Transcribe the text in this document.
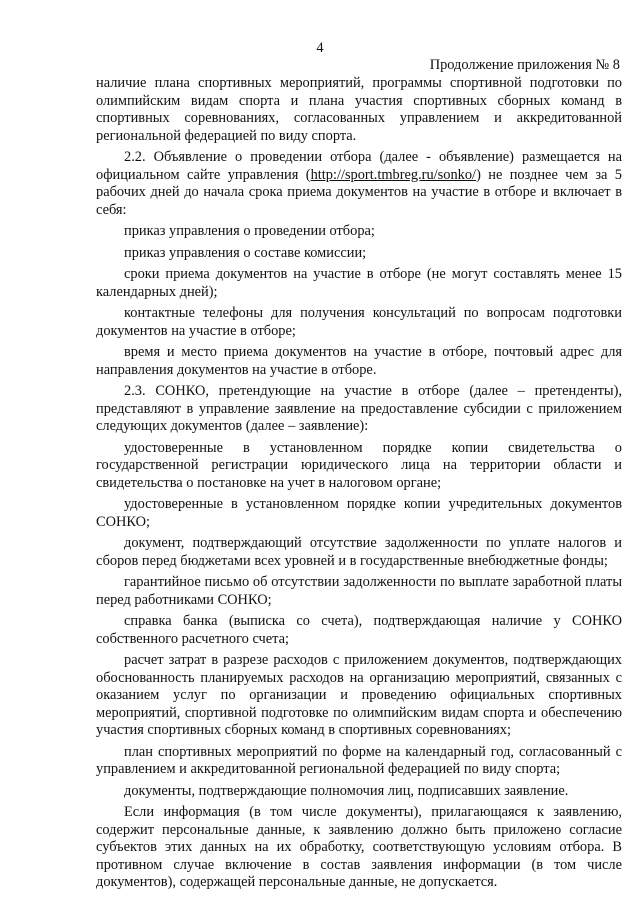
4
Продолжение приложения № 8

наличие плана спортивных мероприятий, программы спортивной подготовки по олимпийским видам спорта и плана участия спортивных сборных команд в спортивных соревнованиях, согласованных управлением и аккредитованной региональной федерацией по виду спорта.

2.2. Объявление о проведении отбора (далее - объявление) размещается на официальном сайте управления (http://sport.tmbreg.ru/sonko/) не позднее чем за 5 рабочих дней до начала срока приема документов на участие в отборе и включает в себя:

приказ управления о проведении отбора;

приказ управления о составе комиссии;

сроки приема документов на участие в отборе (не могут составлять менее 15 календарных дней);

контактные телефоны для получения консультаций по вопросам подготовки документов на участие в отборе;

время и место приема документов на участие в отборе, почтовый адрес для направления документов на участие в отборе.

2.3. СОНКО, претендующие на участие в отборе (далее – претенденты), представляют в управление заявление на предоставление субсидии с приложением следующих документов (далее – заявление):

удостоверенные в установленном порядке копии свидетельства о государственной регистрации юридического лица на территории области и свидетельства о постановке на учет в налоговом органе;

удостоверенные в установленном порядке копии учредительных документов СОНКО;

документ, подтверждающий отсутствие задолженности по уплате налогов и сборов перед бюджетами всех уровней и в государственные внебюджетные фонды;

гарантийное письмо об отсутствии задолженности по выплате заработной платы перед работниками СОНКО;

справка банка (выписка со счета), подтверждающая наличие у СОНКО собственного расчетного счета;

расчет затрат в разрезе расходов с приложением документов, подтверждающих обоснованность планируемых расходов на организацию мероприятий, связанных с оказанием услуг по организации и проведению официальных спортивных мероприятий, спортивной подготовке по олимпийским видам спорта и обеспечению участия спортивных сборных команд в спортивных соревнованиях;

план спортивных мероприятий по форме на календарный год, согласованный с управлением и аккредитованной региональной федерацией по виду спорта;

документы, подтверждающие полномочия лиц, подписавших заявление.

Если информация (в том числе документы), прилагающаяся к заявлению, содержит персональные данные, к заявлению должно быть приложено согласие субъектов этих данных на их обработку, соответствующую условиям отбора. В противном случае включение в состав заявления информации (в том числе документов), содержащей персональные данные, не допускается.
